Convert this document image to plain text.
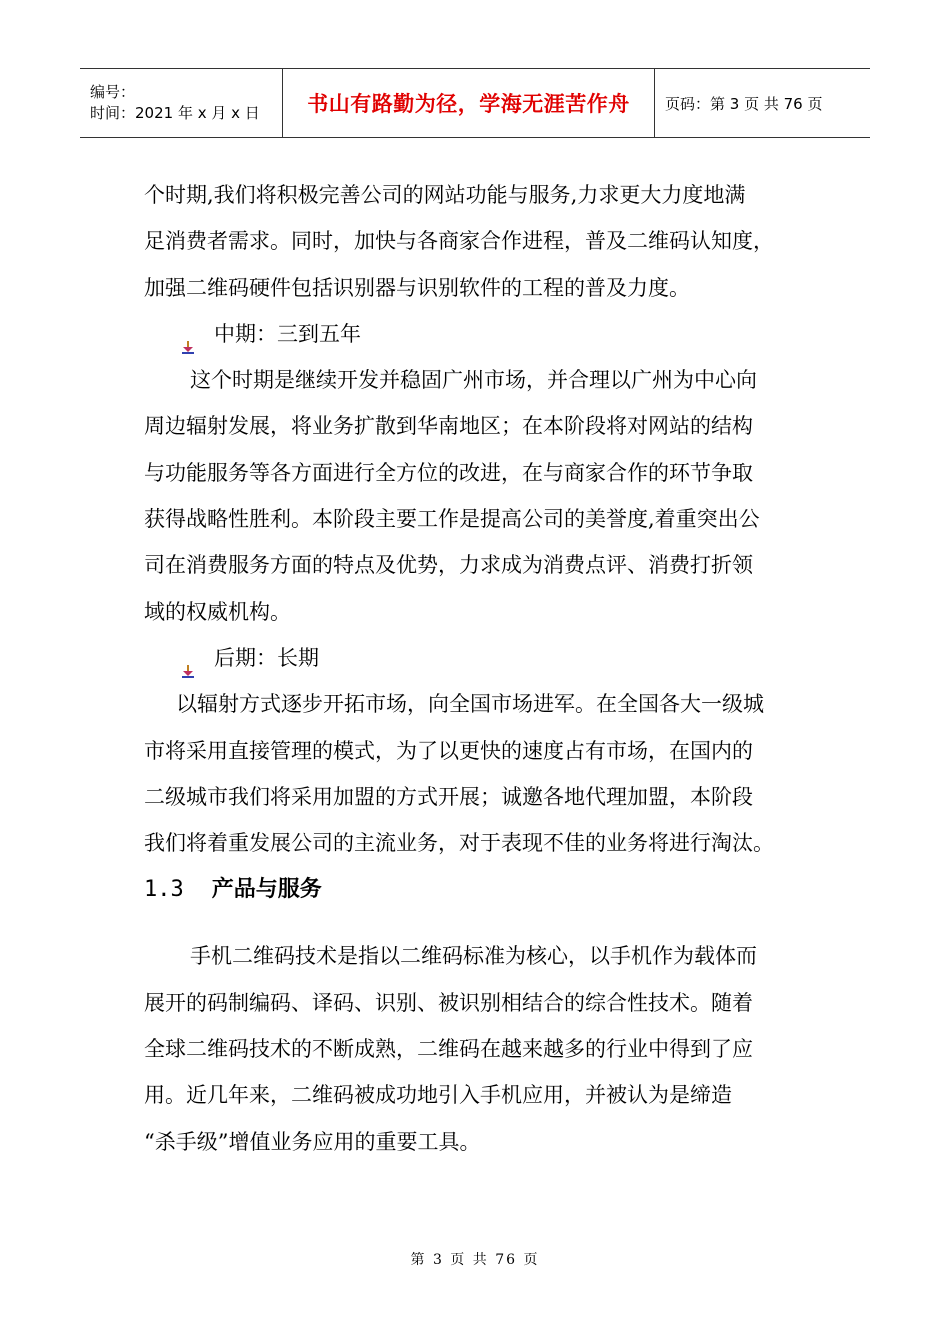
编号：
时间：2021 年 x 月 x 日	书山有路勤为径，学海无涯苦作舟	页码：第 3 页 共 76 页

个时期,我们将积极完善公司的网站功能与服务,力求更大力度地满

足消费者需求。同时，加快与各商家合作进程，普及二维码认知度，

加强二维码硬件包括识别器与识别软件的工程的普及力度。

中期：三到五年

这个时期是继续开发并稳固广州市场，并合理以广州为中心向

周边辐射发展，将业务扩散到华南地区；在本阶段将对网站的结构

与功能服务等各方面进行全方位的改进，在与商家合作的环节争取

获得战略性胜利。本阶段主要工作是提高公司的美誉度,着重突出公

司在消费服务方面的特点及优势，力求成为消费点评、消费打折领

域的权威机构。

后期：长期

以辐射方式逐步开拓市场，向全国市场进军。在全国各大一级城

市将采用直接管理的模式，为了以更快的速度占有市场，在国内的

二级城市我们将采用加盟的方式开展；诚邀各地代理加盟，本阶段

我们将着重发展公司的主流业务，对于表现不佳的业务将进行淘汰。

1.3 产品与服务

手机二维码技术是指以二维码标准为核心，以手机作为载体而

展开的码制编码、译码、识别、被识别相结合的综合性技术。随着

全球二维码技术的不断成熟，二维码在越来越多的行业中得到了应

用。近几年来，二维码被成功地引入手机应用，并被认为是缔造

“杀手级”增值业务应用的重要工具。

第 3 页 共 76 页
